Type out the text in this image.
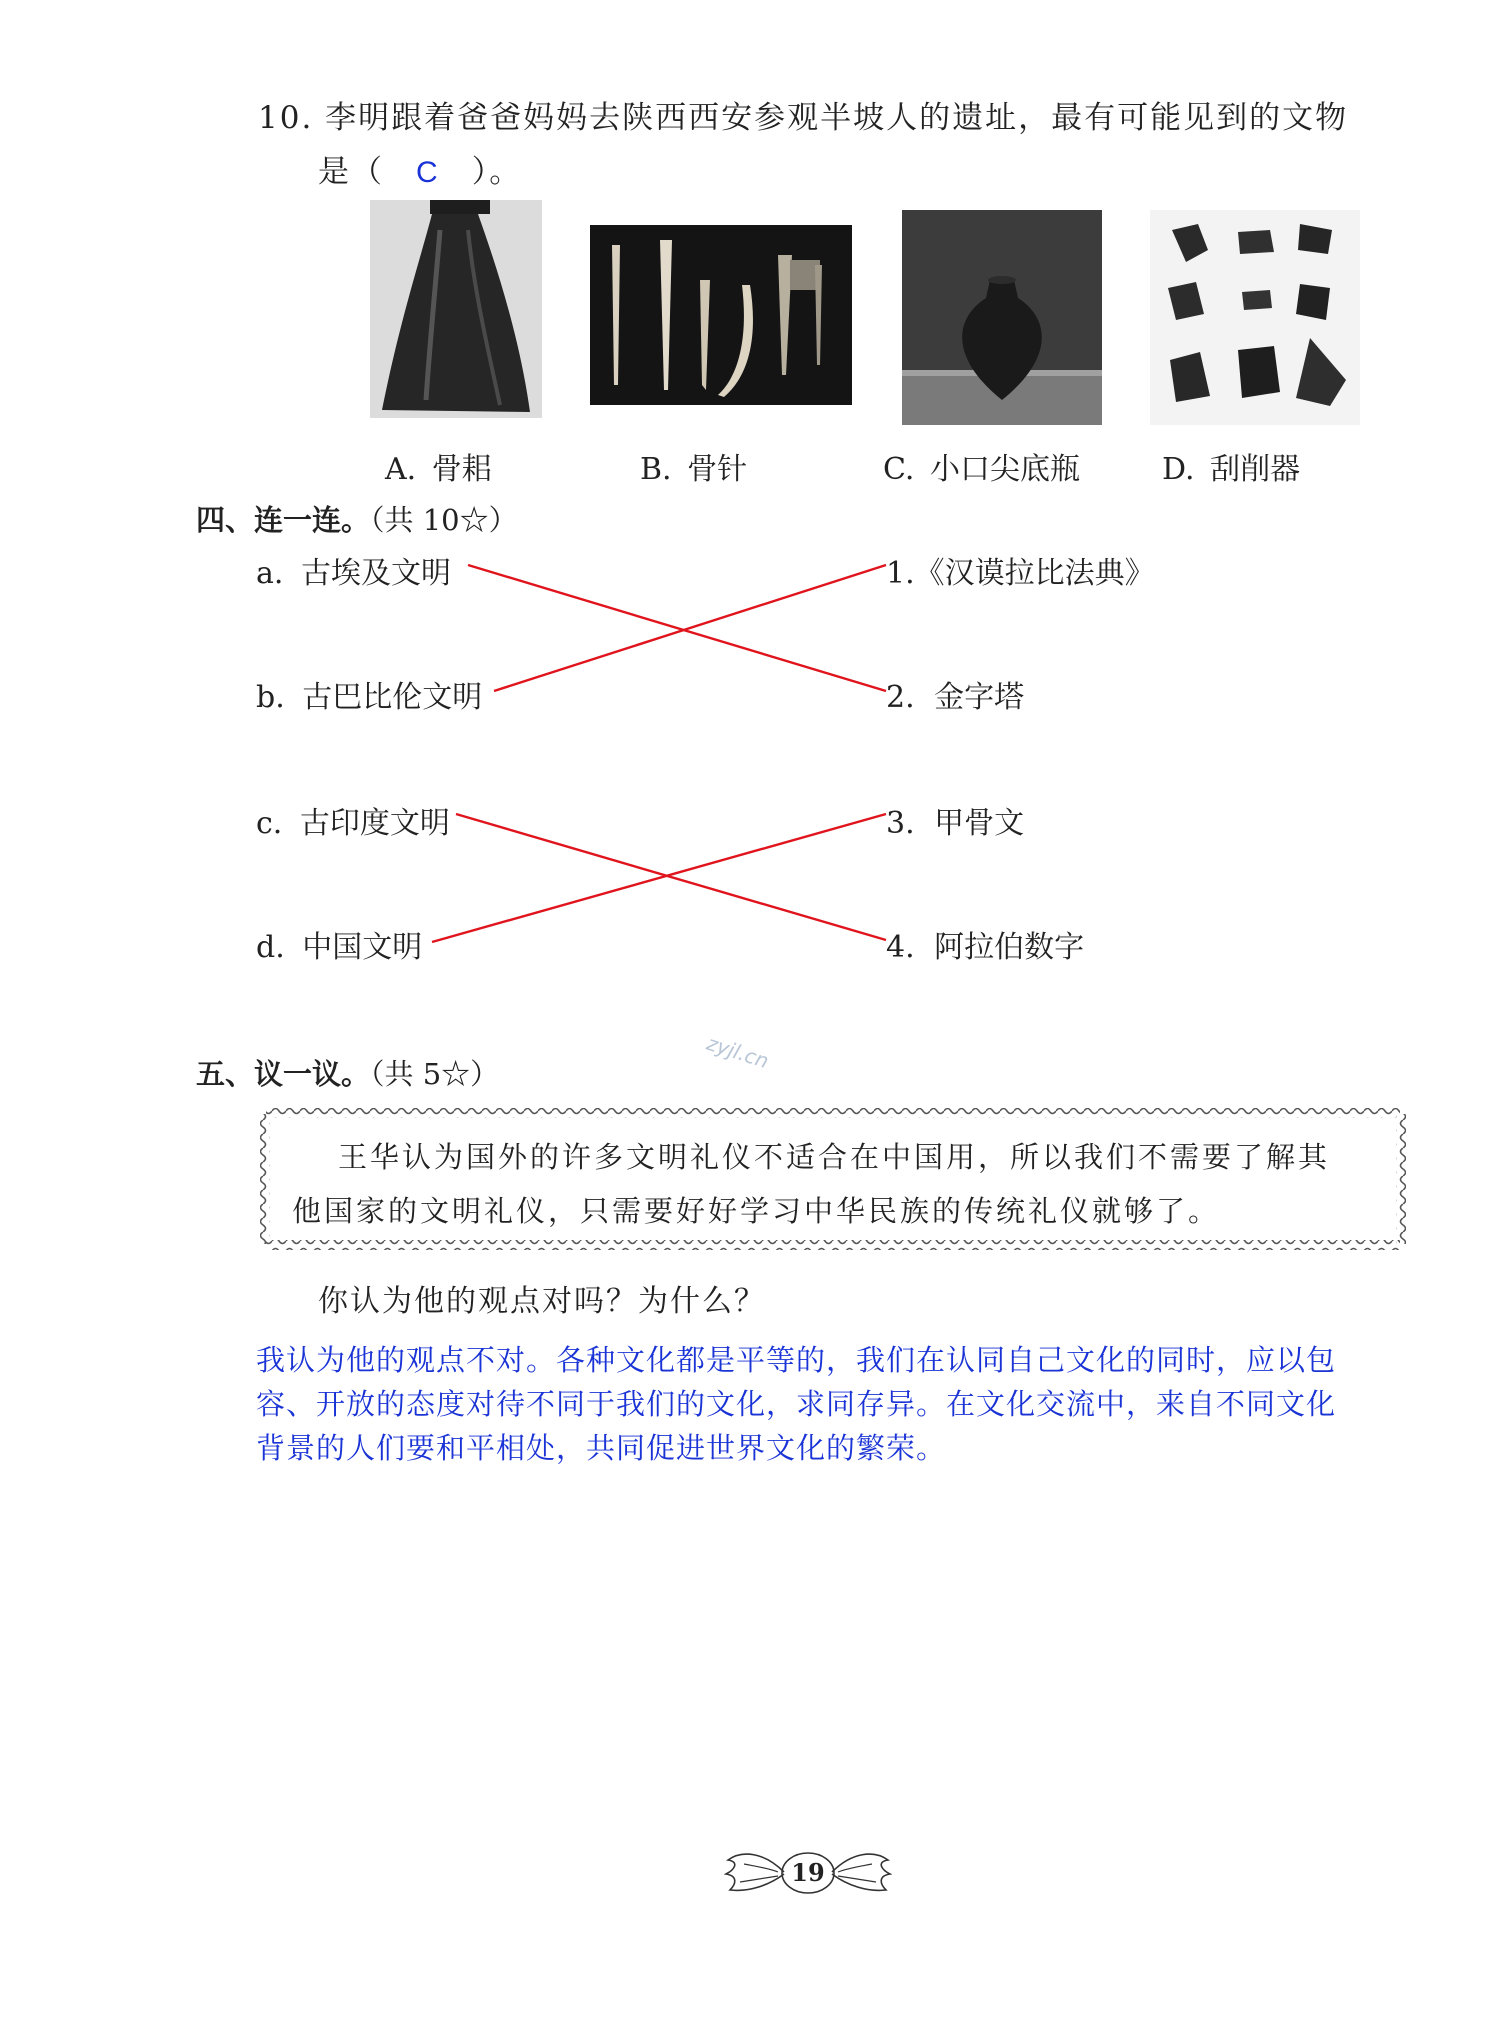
10. 李明跟着爸爸妈妈去陕西西安参观半坡人的遗址，最有可能见到的文物
是（ C ）。
A. 骨耜	B. 骨针	C. 小口尖底瓶	D. 刮削器
四、连一连。（共 10☆）
a. 古埃及文明
b. 古巴比伦文明
c. 古印度文明
d. 中国文明
1.《汉谟拉比法典》
2. 金字塔
3. 甲骨文
4. 阿拉伯数字
zyjl.cn
五、议一议。（共 5☆）
王华认为国外的许多文明礼仪不适合在中国用，所以我们不需要了解其
他国家的文明礼仪，只需要好好学习中华民族的传统礼仪就够了。
你认为他的观点对吗？为什么？
我认为他的观点不对。各种文化都是平等的，我们在认同自己文化的同时，应以包
容、开放的态度对待不同于我们的文化，求同存异。在文化交流中，来自不同文化
背景的人们要和平相处，共同促进世界文化的繁荣。
19
